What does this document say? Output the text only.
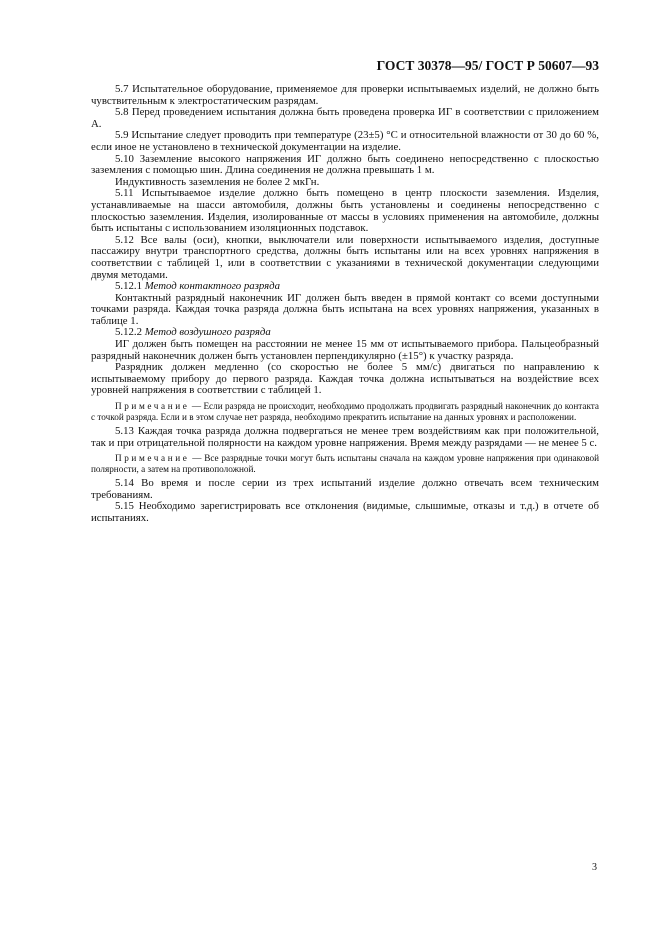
ГОСТ 30378—95/ ГОСТ Р 50607—93

5.7 Испытательное оборудование, применяемое для проверки испытываемых изделий, не должно быть чувствительным к электростатическим разрядам.

5.8 Перед проведением испытания должна быть проведена проверка ИГ в соответствии с приложением А.

5.9 Испытание следует проводить при температуре (23±5) °С и относительной влажности от 30 до 60 %, если иное не установлено в технической документации на изделие.

5.10 Заземление высокого напряжения ИГ должно быть соединено непосредственно с плоскостью заземления с помощью шин. Длина соединения не должна превышать 1 м.

Индуктивность заземления не более 2 мкГн.

5.11 Испытываемое изделие должно быть помещено в центр плоскости заземления. Изделия, устанавливаемые на шасси автомобиля, должны быть установлены и соединены непосредственно с плоскостью заземления. Изделия, изолированные от массы в условиях применения на автомобиле, должны быть испытаны с использованием изоляционных подставок.

5.12 Все валы (оси), кнопки, выключатели или поверхности испытываемого изделия, доступные пассажиру внутри транспортного средства, должны быть испытаны или на всех уровнях напряжения в соответствии с таблицей 1, или в соответствии с указаниями в технической документации следующими двумя методами.

5.12.1 Метод контактного разряда

Контактный разрядный наконечник ИГ должен быть введен в прямой контакт со всеми доступными точками разряда. Каждая точка разряда должна быть испытана на всех уровнях напряжения, указанных в таблице 1.

5.12.2 Метод воздушного разряда

ИГ должен быть помещен на расстоянии не менее 15 мм от испытываемого прибора. Пальцеобразный разрядный наконечник должен быть установлен перпендикулярно (±15°) к участку разряда.

Разрядник должен медленно (со скоростью не более 5 мм/с) двигаться по направлению к испытываемому прибору до первого разряда. Каждая точка должна испытываться на воздействие всех уровней напряжения в соответствии с таблицей 1.

Примечание — Если разряда не происходит, необходимо продолжать продвигать разрядный наконечник до контакта с точкой разряда. Если и в этом случае нет разряда, необходимо прекратить испытание на данных уровнях и расположении.

5.13 Каждая точка разряда должна подвергаться не менее трем воздействиям как при положительной, так и при отрицательной полярности на каждом уровне напряжения. Время между разрядами — не менее 5 с.

Примечание — Все разрядные точки могут быть испытаны сначала на каждом уровне напряжения при одинаковой полярности, а затем на противоположной.

5.14 Во время и после серии из трех испытаний изделие должно отвечать всем техническим требованиям.

5.15 Необходимо зарегистрировать все отклонения (видимые, слышимые, отказы и т.д.) в отчете об испытаниях.

3
